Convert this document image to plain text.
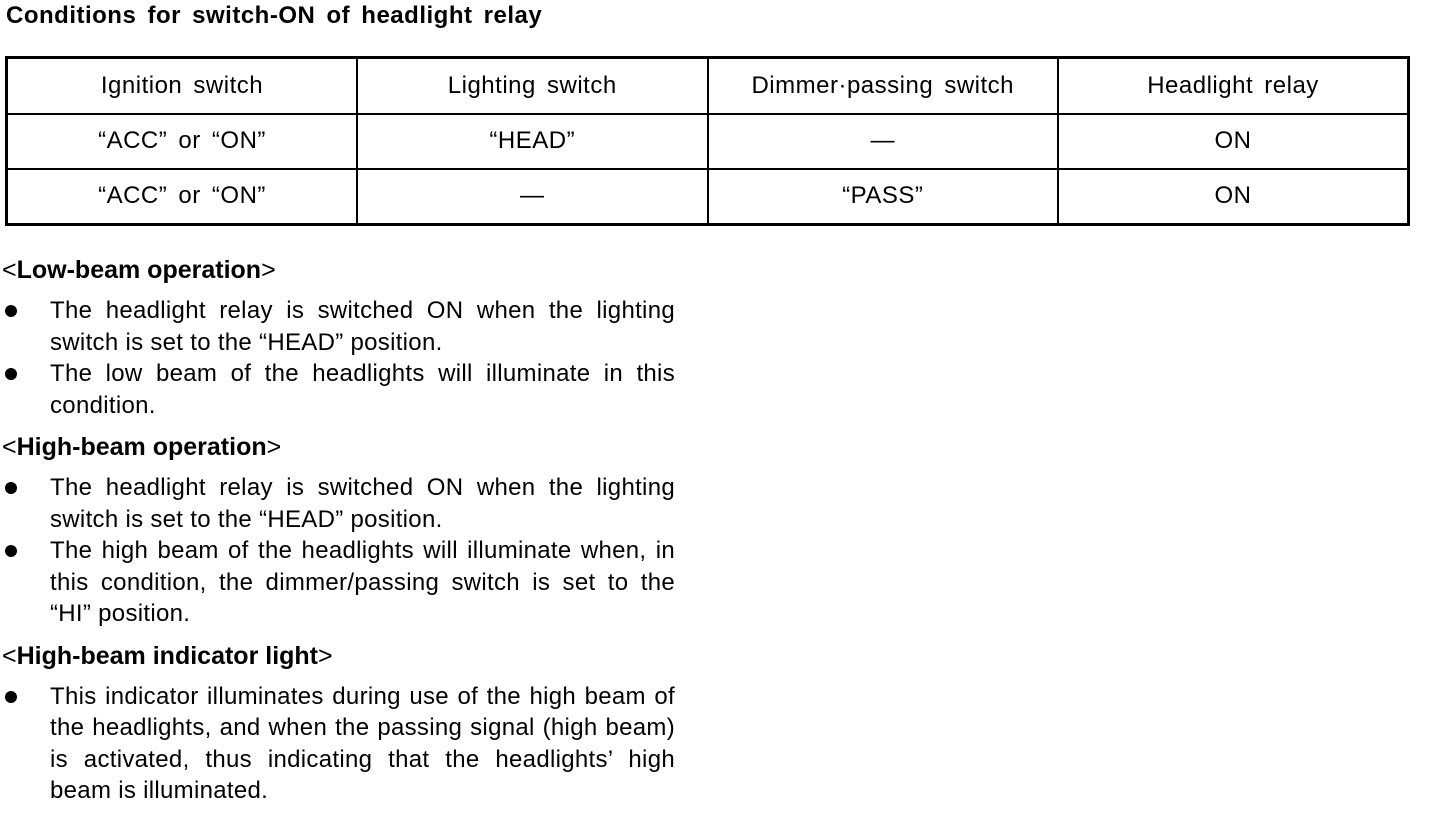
Conditions for switch-ON of headlight relay
Ignition switch	Lighting switch	Dimmer·passing switch	Headlight relay
“ACC” or “ON”	“HEAD”	—	ON
“ACC” or “ON”	—	“PASS”	ON
<Low-beam operation>
The headlight relay is switched ON when the lighting switch is set to the “HEAD” position.
The low beam of the headlights will illuminate in this condition.
<High-beam operation>
The headlight relay is switched ON when the lighting switch is set to the “HEAD” position.
The high beam of the headlights will illuminate when, in this condition, the dimmer/passing switch is set to the “HI” position.
<High-beam indicator light>
This indicator illuminates during use of the high beam of the headlights, and when the passing signal (high beam) is activated, thus indicating that the headlights’ high beam is illuminated.
